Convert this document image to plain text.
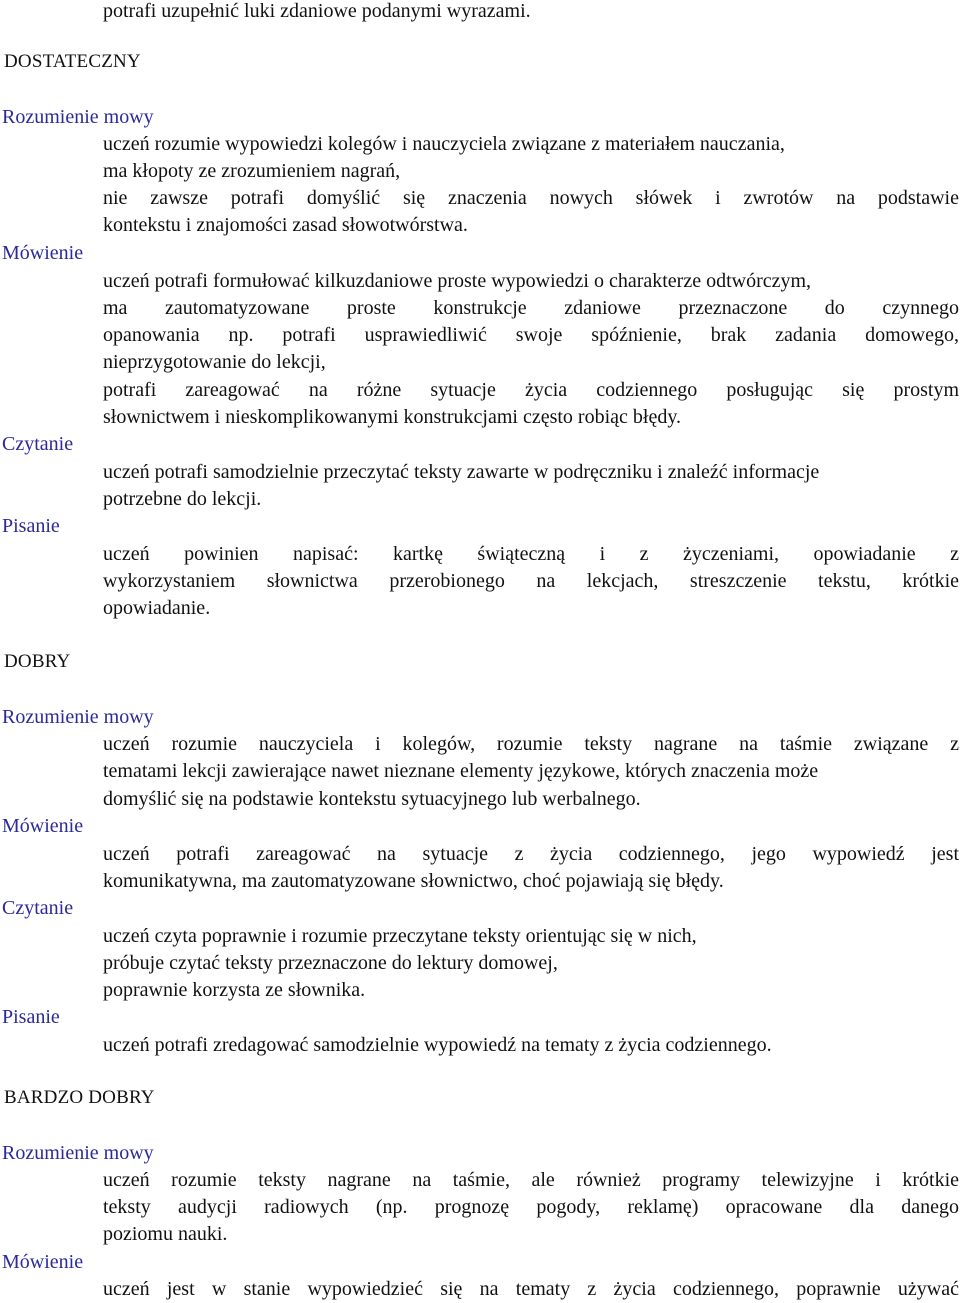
potrafi uzupełnić luki zdaniowe podanymi wyrazami.
DOSTATECZNY
Rozumienie mowy
uczeń rozumie wypowiedzi kolegów i nauczyciela związane z materiałem nauczania,
ma kłopoty ze zrozumieniem nagrań,
nie zawsze potrafi domyślić się znaczenia nowych słówek i zwrotów na podstawie
kontekstu i znajomości zasad słowotwórstwa.
Mówienie
uczeń potrafi formułować kilkuzdaniowe proste wypowiedzi o charakterze odtwórczym,
ma zautomatyzowane proste konstrukcje zdaniowe przeznaczone do czynnego
opanowania np. potrafi usprawiedliwić swoje spóźnienie, brak zadania domowego,
nieprzygotowanie do lekcji,
potrafi zareagować na różne sytuacje życia codziennego posługując się prostym
słownictwem i nieskomplikowanymi konstrukcjami często robiąc błędy.
Czytanie
uczeń potrafi samodzielnie przeczytać teksty zawarte w podręczniku i znaleźć informacje
potrzebne do lekcji.
Pisanie
uczeń powinien napisać: kartkę świąteczną i z życzeniami, opowiadanie z
wykorzystaniem słownictwa przerobionego na lekcjach, streszczenie tekstu, krótkie
opowiadanie.
DOBRY
Rozumienie mowy
uczeń rozumie nauczyciela i kolegów, rozumie teksty nagrane na taśmie związane z
tematami lekcji zawierające nawet nieznane elementy językowe, których znaczenia może
domyślić się na podstawie kontekstu sytuacyjnego lub werbalnego.
Mówienie
uczeń potrafi zareagować na sytuacje z życia codziennego, jego wypowiedź jest
komunikatywna, ma zautomatyzowane słownictwo, choć pojawiają się błędy.
Czytanie
uczeń czyta poprawnie i rozumie przeczytane teksty orientując się w nich,
próbuje czytać teksty przeznaczone do lektury domowej,
poprawnie korzysta ze słownika.
Pisanie
uczeń potrafi zredagować samodzielnie wypowiedź na tematy z życia codziennego.
BARDZO DOBRY
Rozumienie mowy
uczeń rozumie teksty nagrane na taśmie, ale również programy telewizyjne i krótkie
teksty audycji radiowych (np. prognozę pogody, reklamę) opracowane dla danego
poziomu nauki.
Mówienie
uczeń jest w stanie wypowiedzieć się na tematy z życia codziennego, poprawnie używać
